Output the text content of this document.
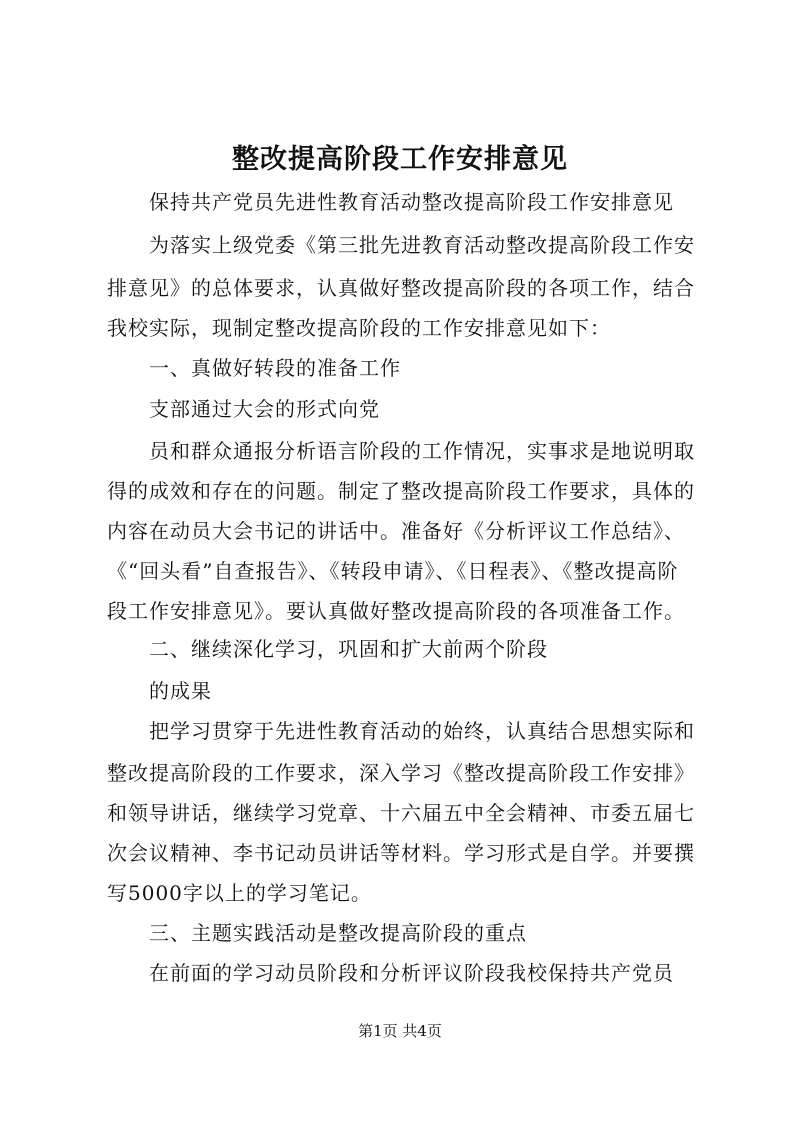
整改提高阶段工作安排意见
保持共产党员先进性教育活动整改提高阶段工作安排意见
为落实上级党委《第三批先进教育活动整改提高阶段工作安
排意见》的总体要求，认真做好整改提高阶段的各项工作，结合
我校实际，现制定整改提高阶段的工作安排意见如下：
一、真做好转段的准备工作
支部通过大会的形式向党
员和群众通报分析语言阶段的工作情况，实事求是地说明取
得的成效和存在的问题。制定了整改提高阶段工作要求，具体的
内容在动员大会书记的讲话中。准备好《分析评议工作总结》、
《“回头看”自查报告》、《转段申请》、《日程表》、《整改提高阶
段工作安排意见》。要认真做好整改提高阶段的各项准备工作。
二、继续深化学习，巩固和扩大前两个阶段
的成果
把学习贯穿于先进性教育活动的始终，认真结合思想实际和
整改提高阶段的工作要求，深入学习《整改提高阶段工作安排》
和领导讲话，继续学习党章、十六届五中全会精神、市委五届七
次会议精神、李书记动员讲话等材料。学习形式是自学。并要撰
写5000字以上的学习笔记。
三、主题实践活动是整改提高阶段的重点
在前面的学习动员阶段和分析评议阶段我校保持共产党员
第1页 共4页
